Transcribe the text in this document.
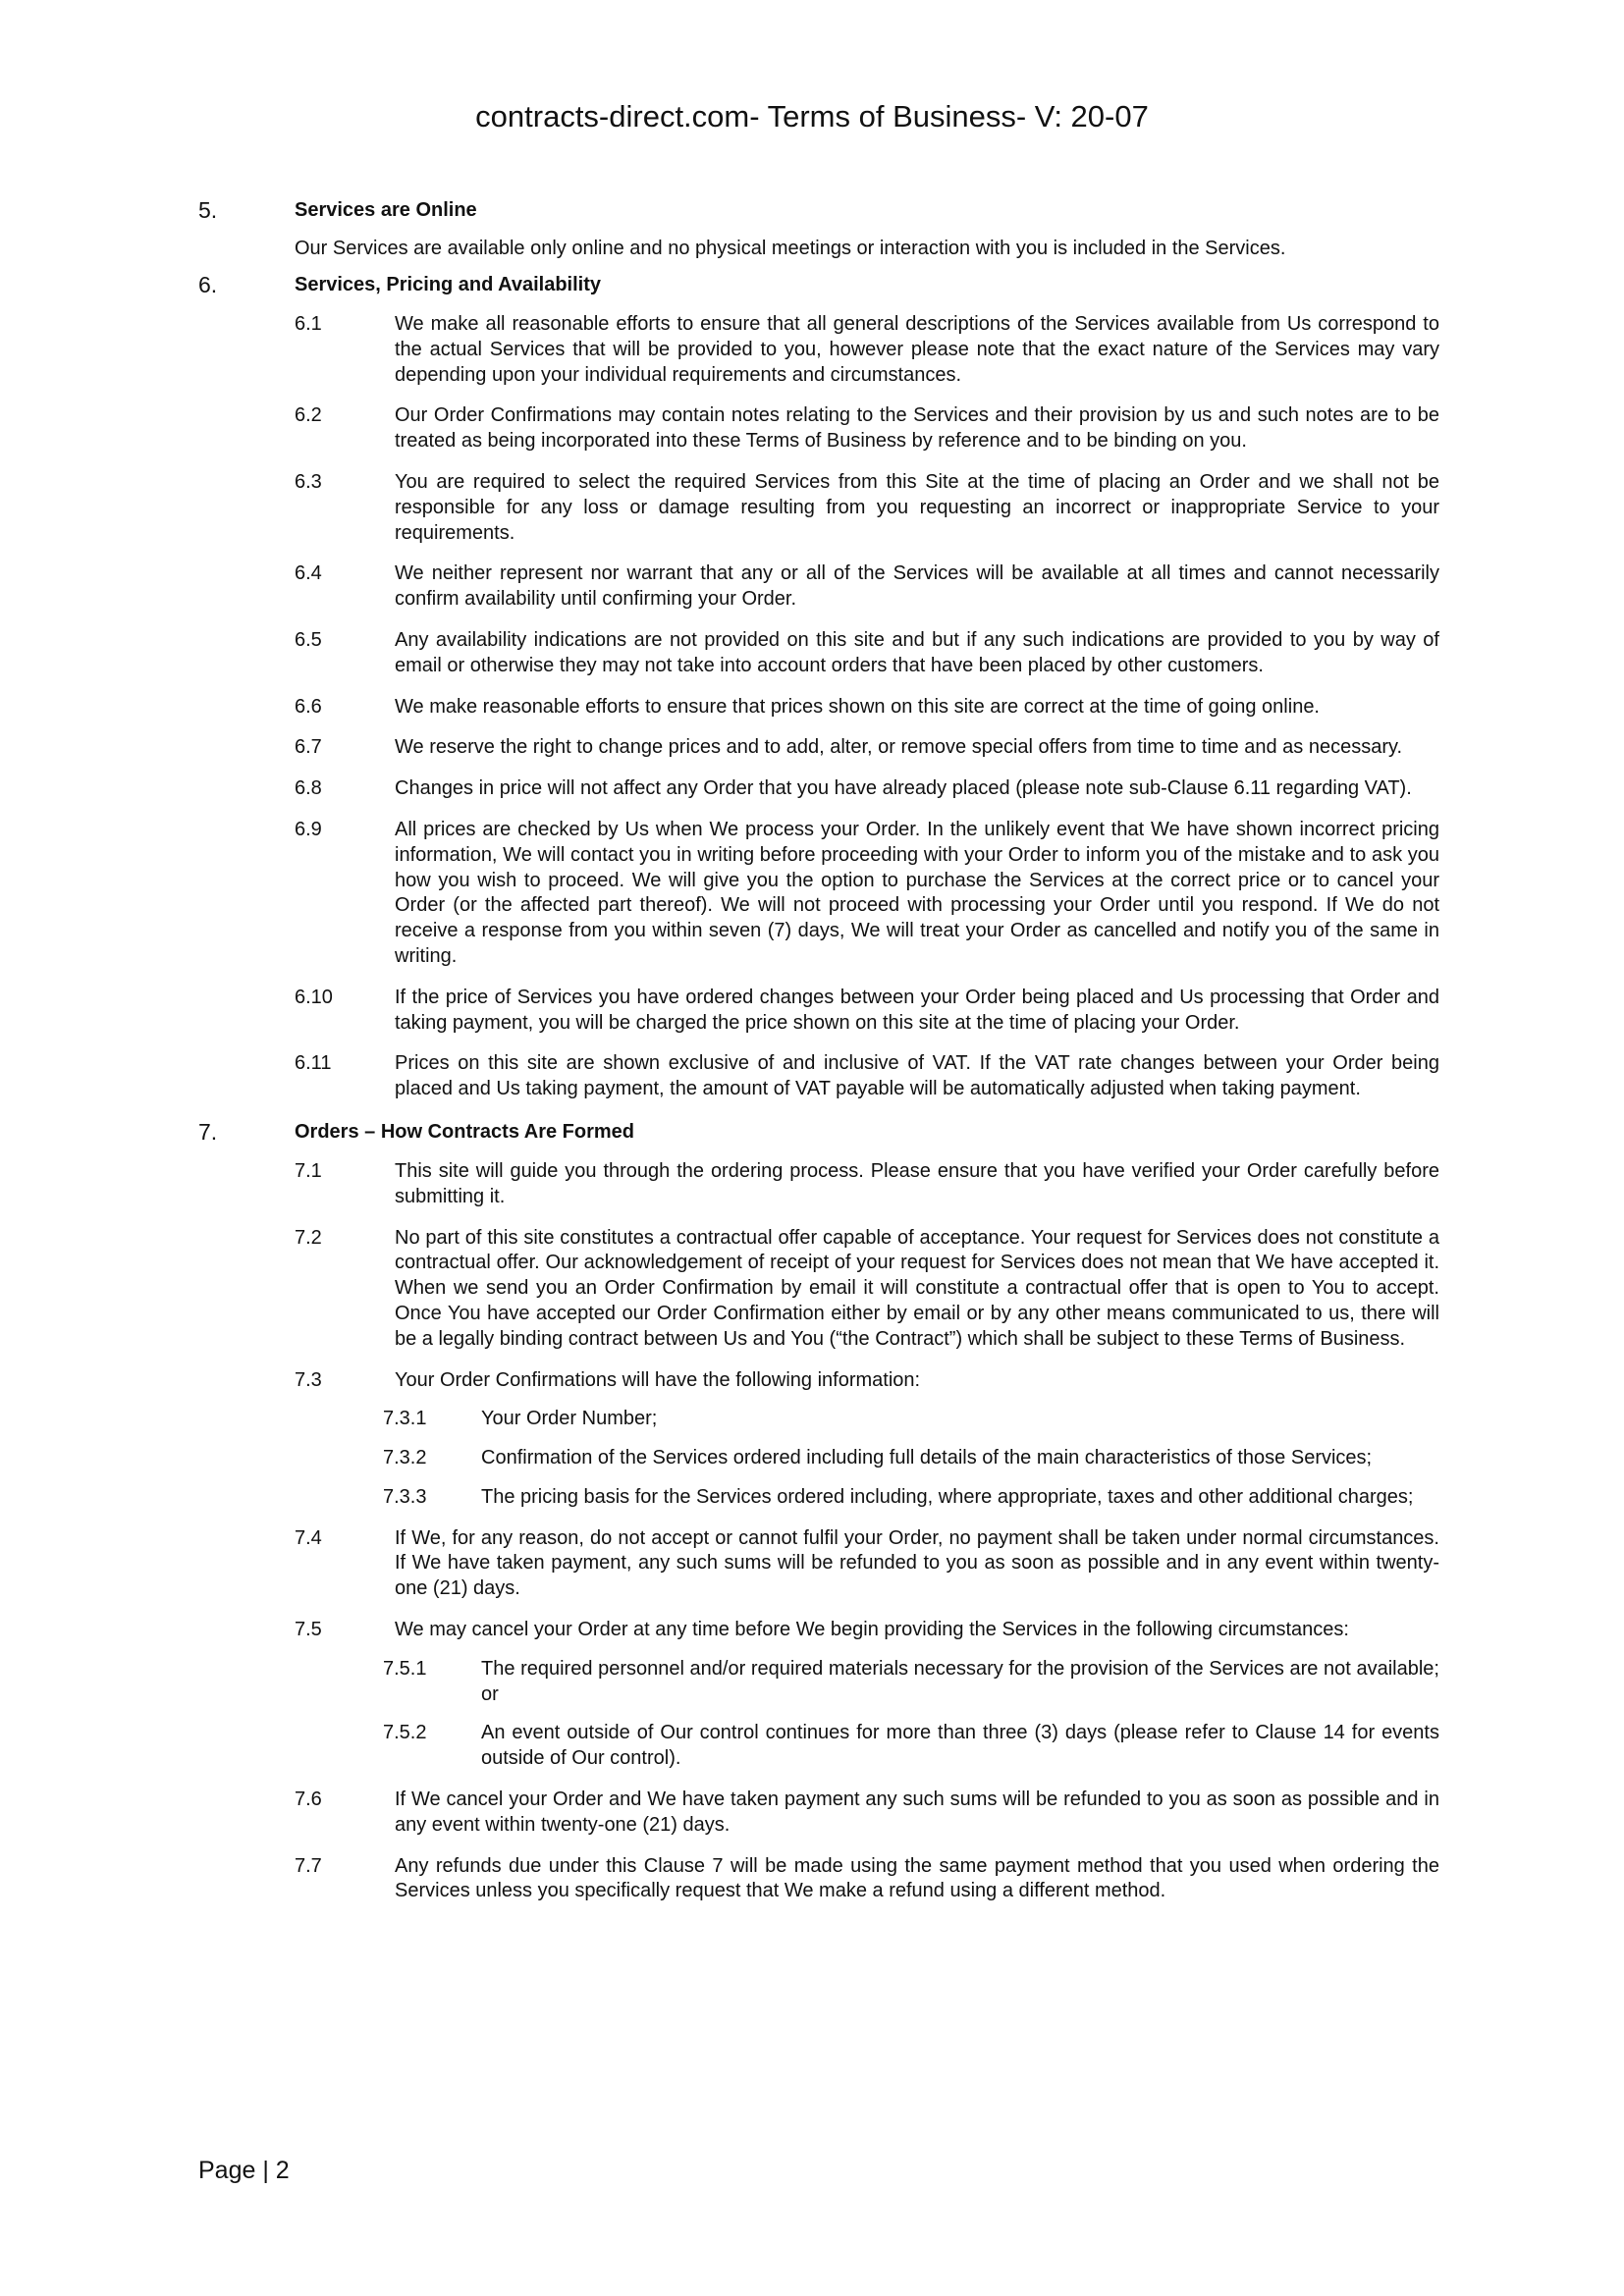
contracts-direct.com- Terms of Business- V: 20-07
5.	Services are Online
Our Services are available only online and no physical meetings or interaction with you is included in the Services.
6.	Services, Pricing and Availability
6.1	We make all reasonable efforts to ensure that all general descriptions of the Services available from Us correspond to the actual Services that will be provided to you, however please note that the exact nature of the Services may vary depending upon your individual requirements and circumstances.
6.2	Our Order Confirmations may contain notes relating to the Services and their provision by us and such notes are to be treated as being incorporated into these Terms of Business by reference and to be binding on you.
6.3	You are required to select the required Services from this Site at the time of placing an Order and we shall not be responsible for any loss or damage resulting from you requesting an incorrect or inappropriate Service to your requirements.
6.4	We neither represent nor warrant that any or all of the Services will be available at all times and cannot necessarily confirm availability until confirming your Order.
6.5	Any availability indications are not provided on this site and but if any such indications are provided to you by way of email or otherwise they may not take into account orders that have been placed by other customers.
6.6	We make reasonable efforts to ensure that prices shown on this site are correct at the time of going online.
6.7	We reserve the right to change prices and to add, alter, or remove special offers from time to time and as necessary.
6.8	Changes in price will not affect any Order that you have already placed (please note sub-Clause 6.11 regarding VAT).
6.9	All prices are checked by Us when We process your Order. In the unlikely event that We have shown incorrect pricing information, We will contact you in writing before proceeding with your Order to inform you of the mistake and to ask you how you wish to proceed. We will give you the option to purchase the Services at the correct price or to cancel your Order (or the affected part thereof). We will not proceed with processing your Order until you respond. If We do not receive a response from you within seven (7) days, We will treat your Order as cancelled and notify you of the same in writing.
6.10	If the price of Services you have ordered changes between your Order being placed and Us processing that Order and taking payment, you will be charged the price shown on this site at the time of placing your Order.
6.11	Prices on this site are shown exclusive of and inclusive of VAT. If the VAT rate changes between your Order being placed and Us taking payment, the amount of VAT payable will be automatically adjusted when taking payment.
7.	Orders – How Contracts Are Formed
7.1	This site will guide you through the ordering process. Please ensure that you have verified your Order carefully before submitting it.
7.2	No part of this site constitutes a contractual offer capable of acceptance. Your request for Services does not constitute a contractual offer. Our acknowledgement of receipt of your request for Services does not mean that We have accepted it. When we send you an Order Confirmation by email it will constitute a contractual offer that is open to You to accept. Once You have accepted our Order Confirmation either by email or by any other means communicated to us, there will be a legally binding contract between Us and You (“the Contract”) which shall be subject to these Terms of Business.
7.3	Your Order Confirmations will have the following information:
7.3.1	Your Order Number;
7.3.2	Confirmation of the Services ordered including full details of the main characteristics of those Services;
7.3.3	The pricing basis for the Services ordered including, where appropriate, taxes and other additional charges;
7.4	If We, for any reason, do not accept or cannot fulfil your Order, no payment shall be taken under normal circumstances. If We have taken payment, any such sums will be refunded to you as soon as possible and in any event within twenty-one (21) days.
7.5	We may cancel your Order at any time before We begin providing the Services in the following circumstances:
7.5.1	The required personnel and/or required materials necessary for the provision of the Services are not available; or
7.5.2	An event outside of Our control continues for more than three (3) days (please refer to Clause 14 for events outside of Our control).
7.6	If We cancel your Order and We have taken payment any such sums will be refunded to you as soon as possible and in any event within twenty-one (21) days.
7.7	Any refunds due under this Clause 7 will be made using the same payment method that you used when ordering the Services unless you specifically request that We make a refund using a different method.
Page | 2
